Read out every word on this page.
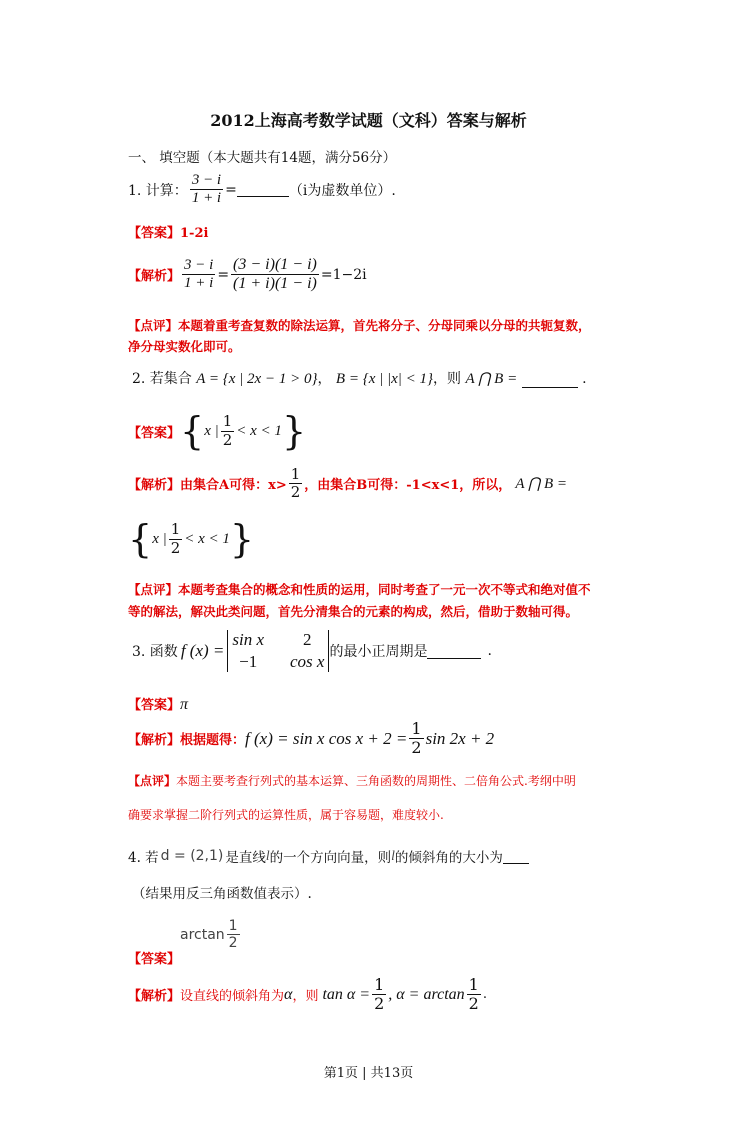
2012上海高考数学试题（文科）答案与解析
一、 填空题（本大题共有14题，满分56分）
1. 计算： $\frac{3 - i}{1 + i}$ =	（i为虚数单位）.
【答案】1-2i
【解析】 $\frac{3 - i}{1 + i} = \frac{(3 - i)(1 - i)}{(1 + i)(1 - i)} =1-2i$
【点评】本题着重考查复数的除法运算，首先将分子、分母同乘以分母的共轭复数，
净分母实数化即可。
2. 若集合 A = {x | 2x − 1 > 0}， B = {x | |x| < 1}，则 A ⋂ B =	.
【答案】 { x | $\frac{1}{2} < x < 1$ }
【解析】 由集合A可得：$x> \frac{1}{2}$ ，由集合B可得：-1<x<1，所以， A ⋂ B =
{ x | $\frac{1}{2} < x < 1$ }
【点评】本题考查集合的概念和性质的运用，同时考查了一元一次不等式和绝对值不
等的解法，解决此类问题，首先分清集合的元素的构成，然后，借助于数轴可得。
3. 函数 f (x) =
sin x	2
−1	cos x 的最小正周期是	.
【答案】π
【解析】 根据题得： f (x) = sin x $\cos x + 2 = \frac{1}{2}$ sin 2x + 2
【点评】本题主要考查行列式的基本运算、三角函数的周期性、二倍角公式.考纲中明
确要求掌握二阶行列式的运算性质，属于容易题，难度较小.
4. 若 d = (2,1) 是直线 l 的一个方向向量，则 l 的倾斜角的大小为
（结果用反三角函数值表示）.
$\arctan \frac{1}{2}$
【答案】
【解析】 设直线的倾斜角为 α ，则 $\tan \alpha = \frac{1}{2}$ , $\alpha = \arctan \frac{1}{2}$ .
第1页 | 共13页
